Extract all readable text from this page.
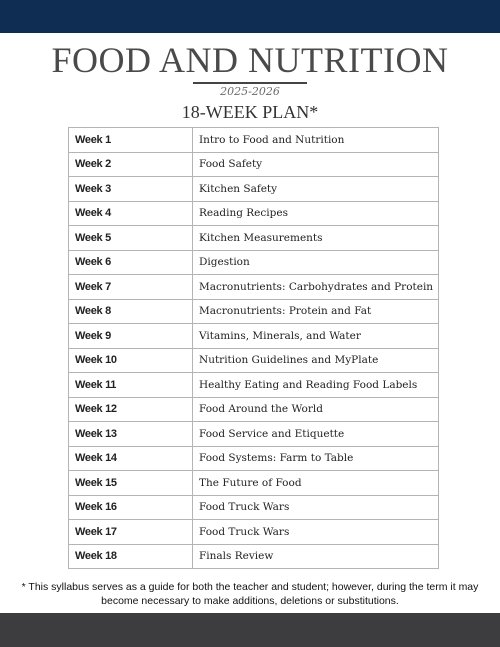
FOOD AND NUTRITION
2025-2026
18-WEEK PLAN*
Week 1	Intro to Food and Nutrition
Week 2	Food Safety
Week 3	Kitchen Safety
Week 4	Reading Recipes
Week 5	Kitchen Measurements
Week 6	Digestion
Week 7	Macronutrients: Carbohydrates and Protein
Week 8	Macronutrients: Protein and Fat
Week 9	Vitamins, Minerals, and Water
Week 10	Nutrition Guidelines and MyPlate
Week 11	Healthy Eating and Reading Food Labels
Week 12	Food Around the World
Week 13	Food Service and Etiquette
Week 14	Food Systems: Farm to Table
Week 15	The Future of Food
Week 16	Food Truck Wars
Week 17	Food Truck Wars
Week 18	Finals Review
* This syllabus serves as a guide for both the teacher and student; however, during the term it may become necessary to make additions, deletions or substitutions.
